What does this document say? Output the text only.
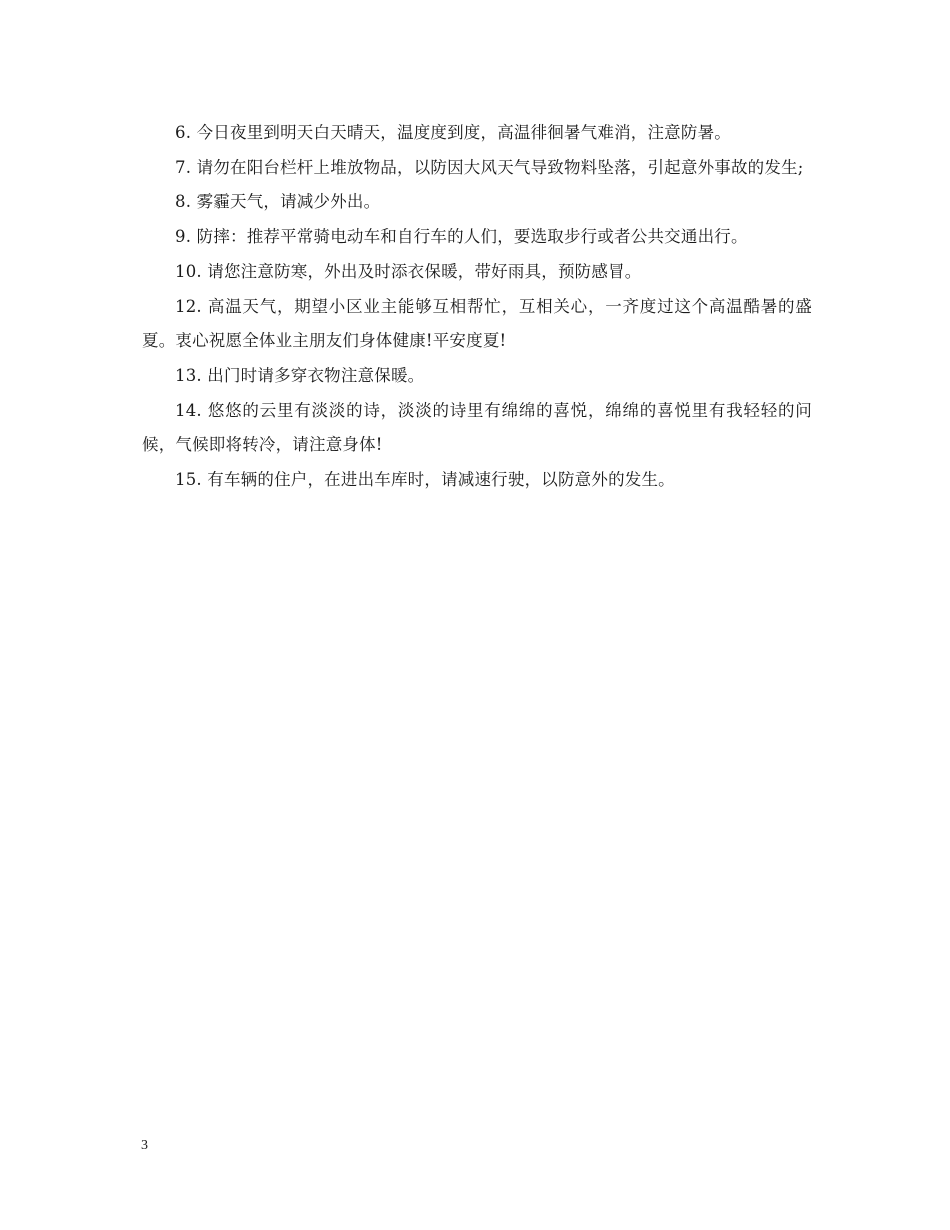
6. 今日夜里到明天白天晴天，温度度到度，高温徘徊暑气难消，注意防暑。

7. 请勿在阳台栏杆上堆放物品，以防因大风天气导致物料坠落，引起意外事故的发生;

8. 雾霾天气，请减少外出。

9. 防摔：推荐平常骑电动车和自行车的人们，要选取步行或者公共交通出行。

10. 请您注意防寒，外出及时添衣保暖，带好雨具，预防感冒。

12. 高温天气，期望小区业主能够互相帮忙，互相关心，一齐度过这个高温酷暑的盛夏。衷心祝愿全体业主朋友们身体健康!平安度夏!

13. 出门时请多穿衣物注意保暖。

14. 悠悠的云里有淡淡的诗，淡淡的诗里有绵绵的喜悦，绵绵的喜悦里有我轻轻的问候，气候即将转冷，请注意身体!

15. 有车辆的住户，在进出车库时，请减速行驶，以防意外的发生。

3
